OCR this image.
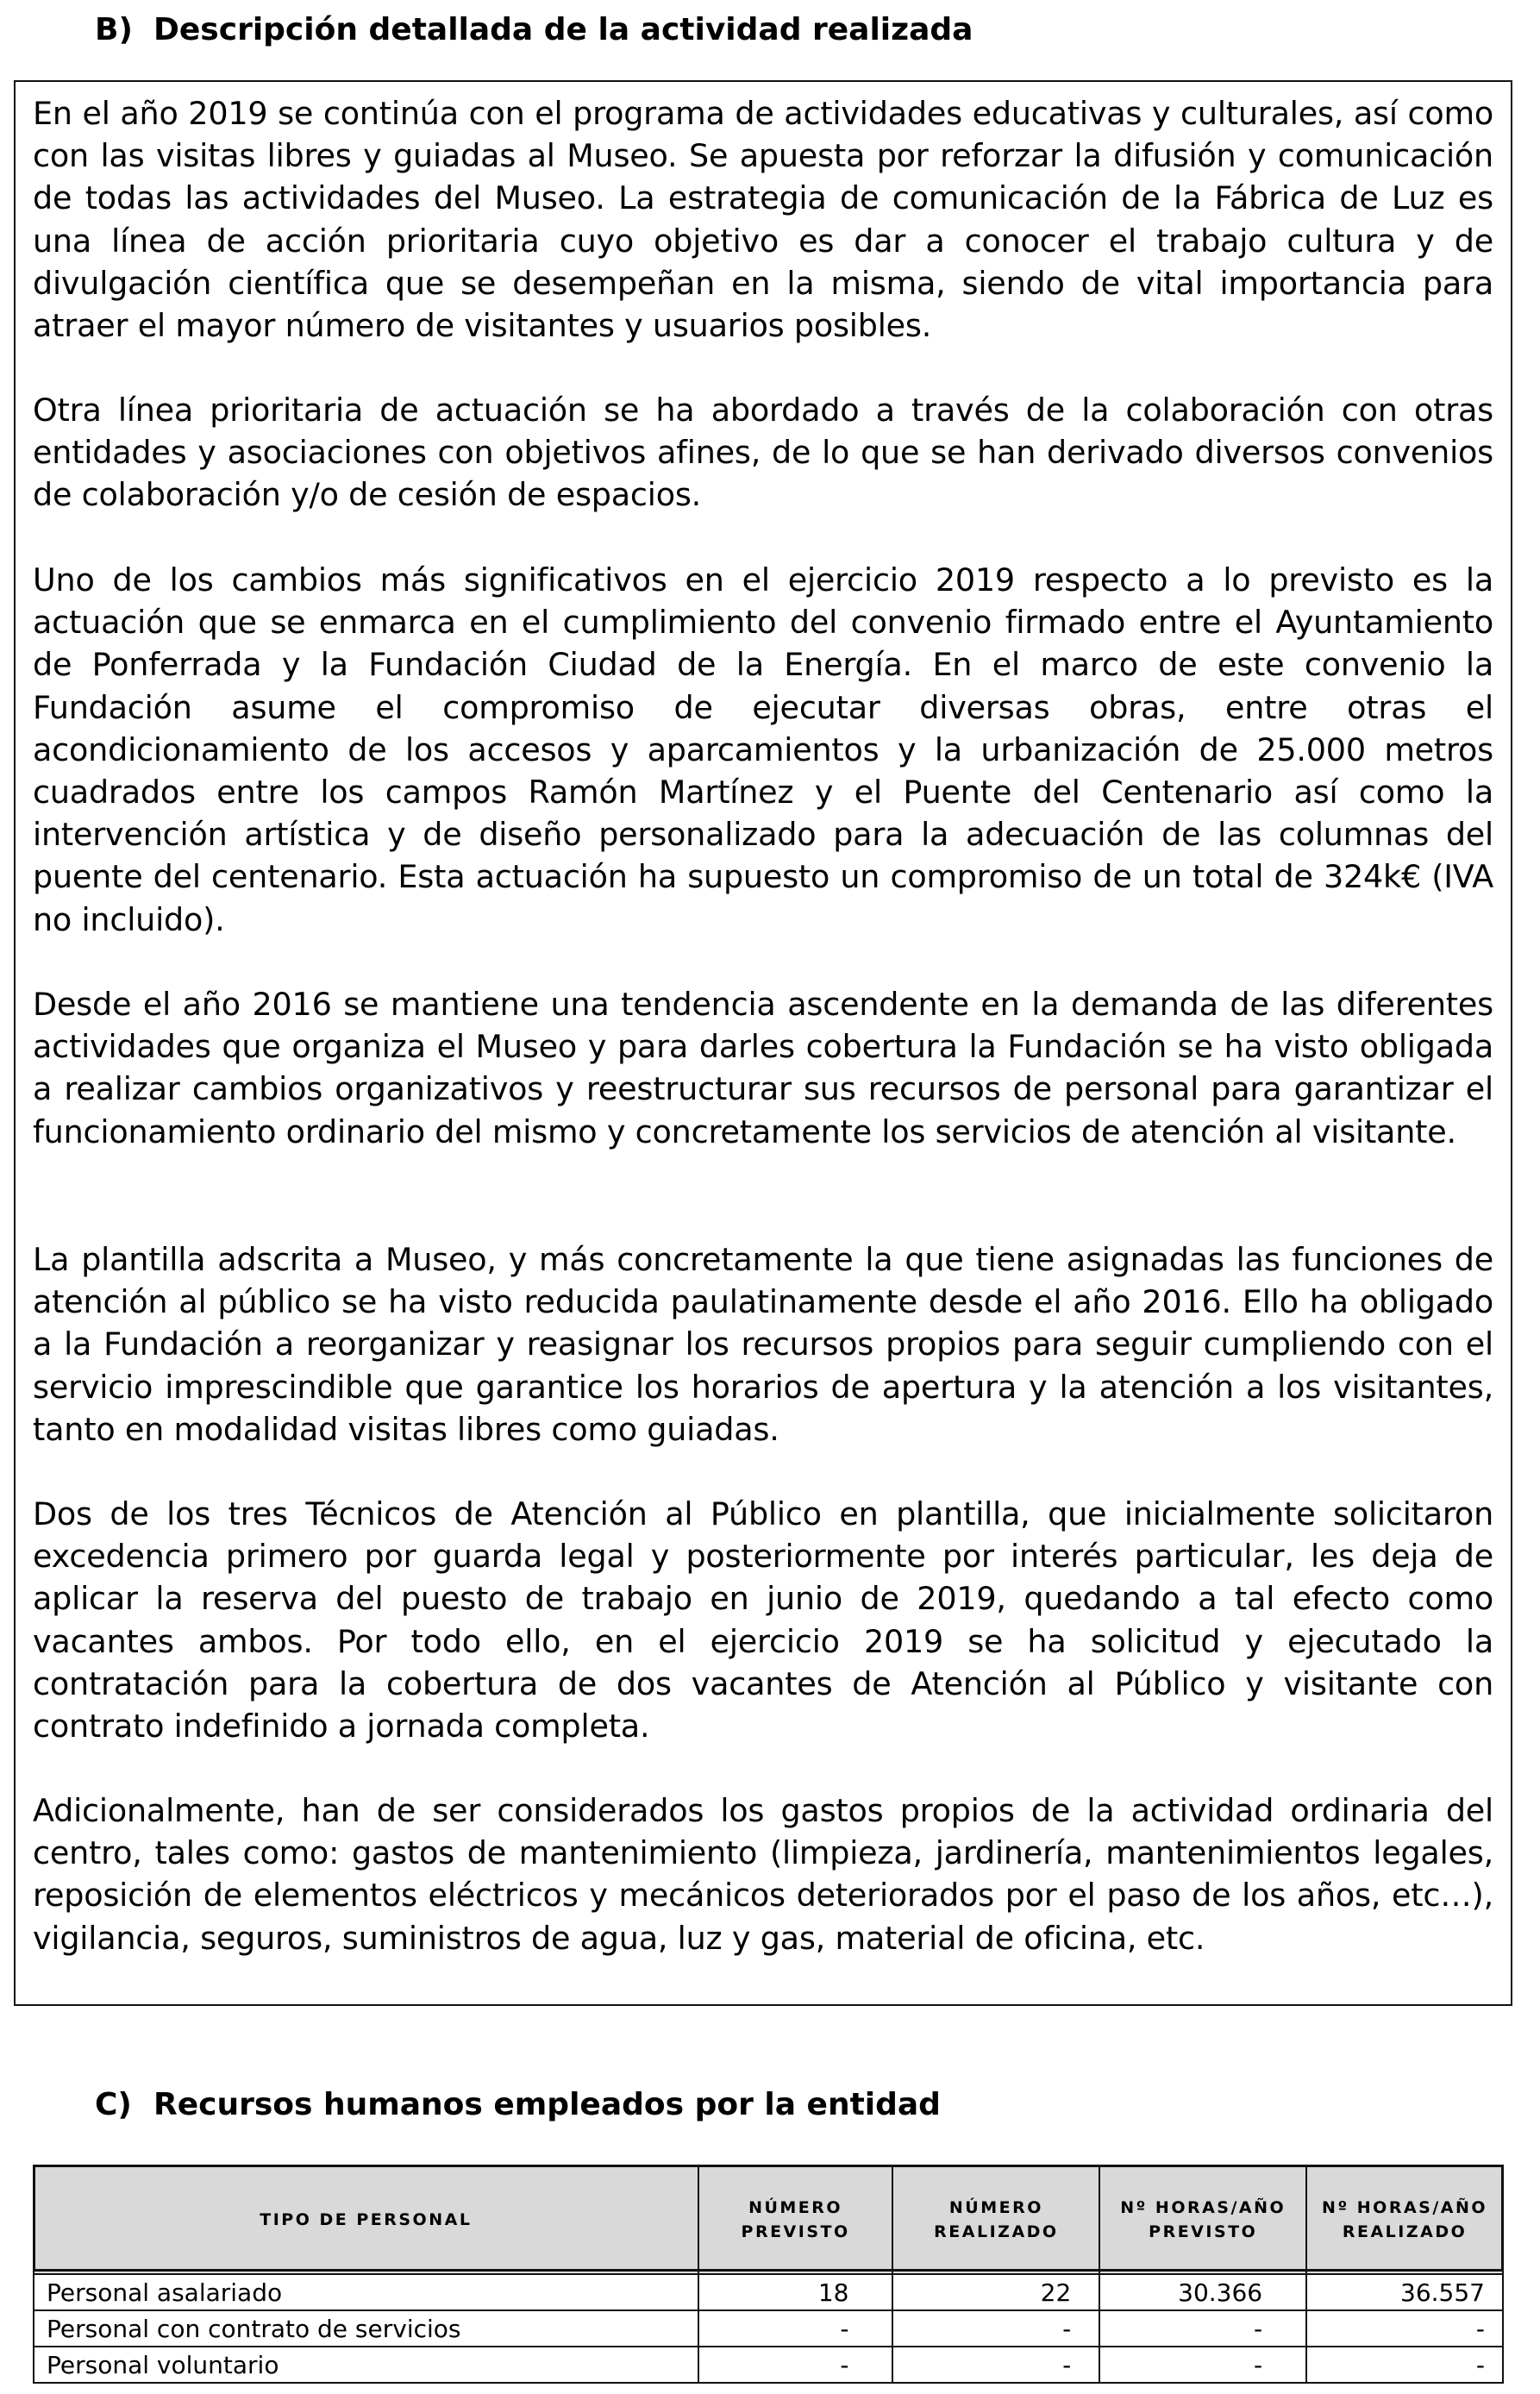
B) Descripción detallada de la actividad realizada

En el año 2019 se continúa con el programa de actividades educativas y culturales, así como con las visitas libres y guiadas al Museo. Se apuesta por reforzar la difusión y comunicación de todas las actividades del Museo. La estrategia de comunicación de la Fábrica de Luz es una línea de acción prioritaria cuyo objetivo es dar a conocer el trabajo cultura y de divulgación científica que se desempeñan en la misma, siendo de vital importancia para atraer el mayor número de visitantes y usuarios posibles.

Otra línea prioritaria de actuación se ha abordado a través de la colaboración con otras entidades y asociaciones con objetivos afines, de lo que se han derivado diversos convenios de colaboración y/o de cesión de espacios.

Uno de los cambios más significativos en el ejercicio 2019 respecto a lo previsto es la actuación que se enmarca en el cumplimiento del convenio firmado entre el Ayuntamiento de Ponferrada y la Fundación Ciudad de la Energía. En el marco de este convenio la Fundación asume el compromiso de ejecutar diversas obras, entre otras el acondicionamiento de los accesos y aparcamientos y la urbanización de 25.000 metros cuadrados entre los campos Ramón Martínez y el Puente del Centenario así como la intervención artística y de diseño personalizado para la adecuación de las columnas del puente del centenario. Esta actuación ha supuesto un compromiso de un total de 324k€ (IVA no incluido).

Desde el año 2016 se mantiene una tendencia ascendente en la demanda de las diferentes actividades que organiza el Museo y para darles cobertura la Fundación se ha visto obligada a realizar cambios organizativos y reestructurar sus recursos de personal para garantizar el funcionamiento ordinario del mismo y concretamente los servicios de atención al visitante.

La plantilla adscrita a Museo, y más concretamente la que tiene asignadas las funciones de atención al público se ha visto reducida paulatinamente desde el año 2016. Ello ha obligado a la Fundación a reorganizar y reasignar los recursos propios para seguir cumpliendo con el servicio imprescindible que garantice los horarios de apertura y la atención a los visitantes, tanto en modalidad visitas libres como guiadas.

Dos de los tres Técnicos de Atención al Público en plantilla, que inicialmente solicitaron excedencia primero por guarda legal y posteriormente por interés particular, les deja de aplicar la reserva del puesto de trabajo en junio de 2019, quedando a tal efecto como vacantes ambos. Por todo ello, en el ejercicio 2019 se ha solicitud y ejecutado la contratación para la cobertura de dos vacantes de Atención al Público y visitante con contrato indefinido a jornada completa.

Adicionalmente, han de ser considerados los gastos propios de la actividad ordinaria del centro, tales como: gastos de mantenimiento (limpieza, jardinería, mantenimientos legales, reposición de elementos eléctricos y mecánicos deteriorados por el paso de los años, etc…), vigilancia, seguros, suministros de agua, luz y gas, material de oficina, etc.

C) Recursos humanos empleados por la entidad
TIPO DE PERSONAL	NÚMERO PREVISTO	NÚMERO REALIZADO	Nº HORAS/AÑO PREVISTO	Nº HORAS/AÑO REALIZADO
Personal asalariado	18	22	30.366	36.557
Personal con contrato de servicios	-	-	-	-
Personal voluntario	-	-	-	-
